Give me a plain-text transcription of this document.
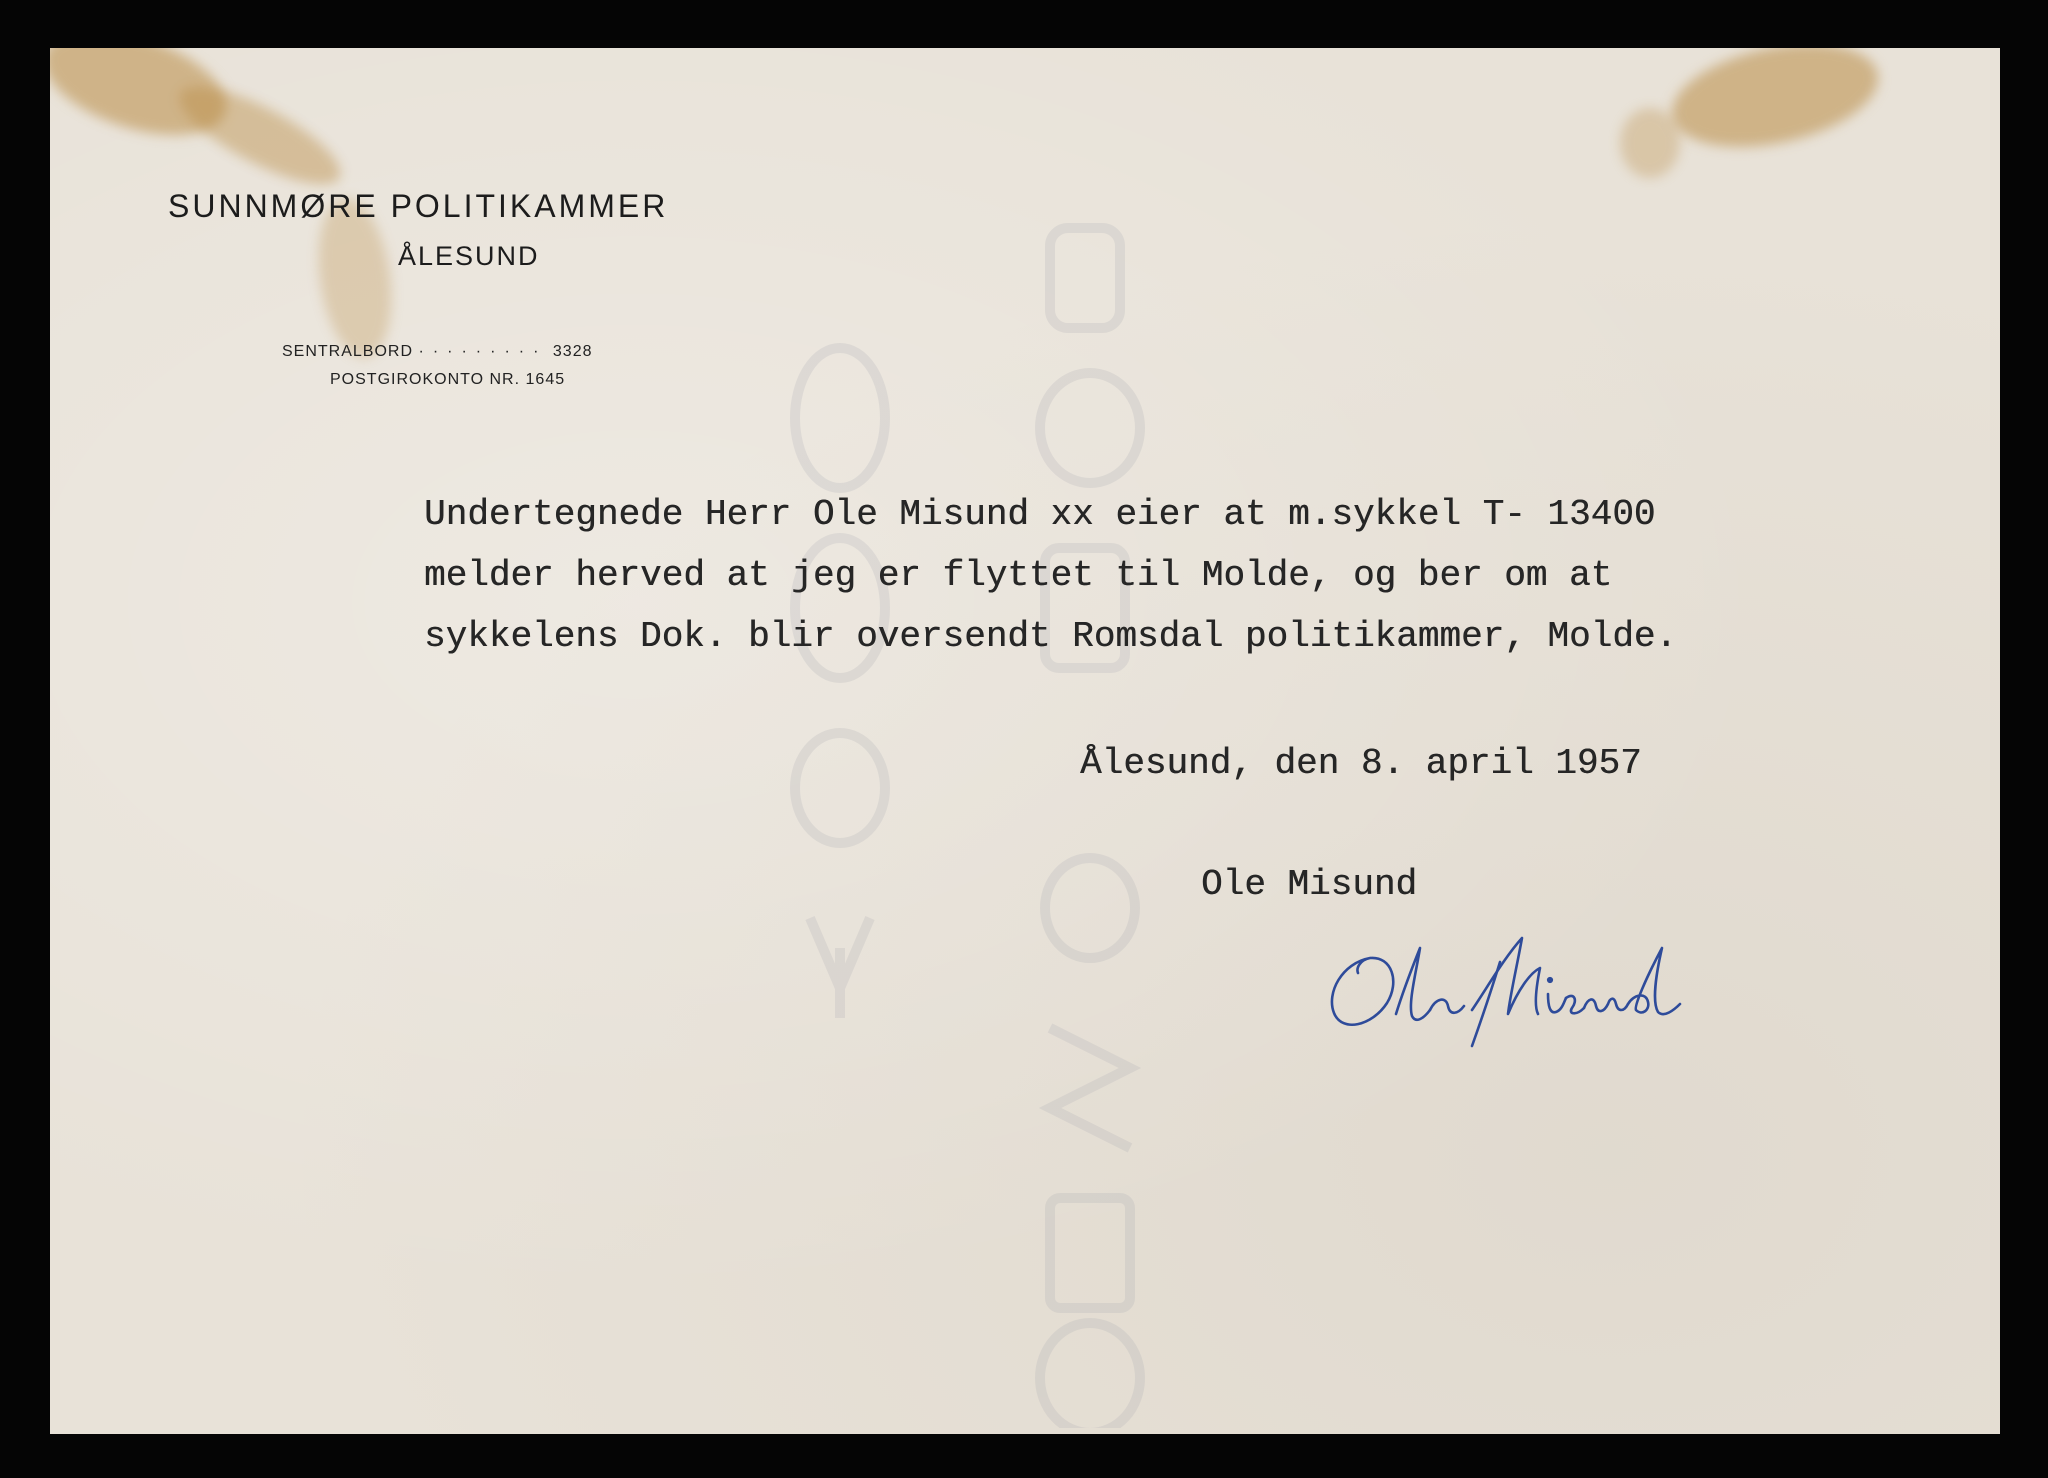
SUNNMØRE POLITIKAMMER
ÅLESUND
SENTRALBORD ········· 3328
POSTGIROKONTO NR. 1645
Undertegnede Herr Ole Misund xx eier at m.sykkel T- 13400
melder herved at jeg er flyttet til Molde, og ber om at
sykkelens Dok. blir oversendt Romsdal politikammer, Molde.
Ålesund, den 8. april 1957
Ole Misund
